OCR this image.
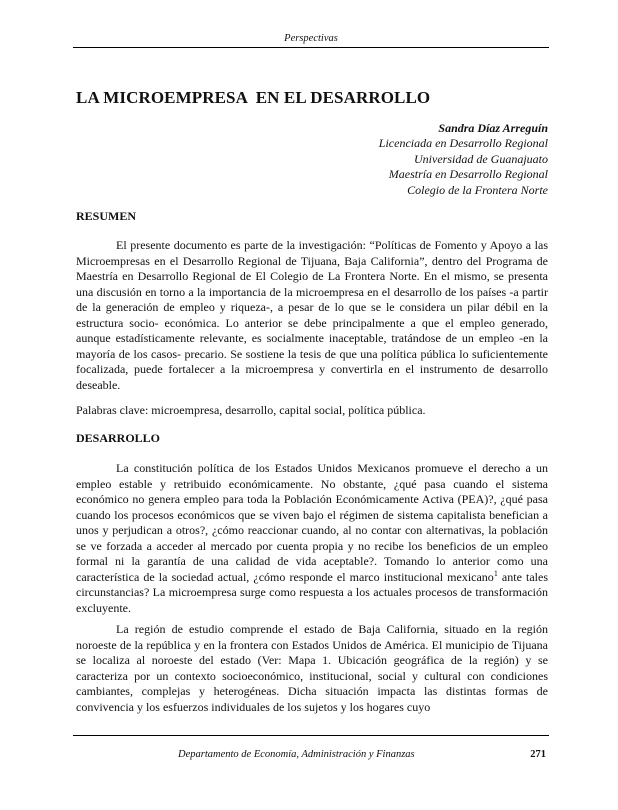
Perspectivas
LA MICROEMPRESA  EN EL DESARROLLO
Sandra Díaz Arreguín
Licenciada en Desarrollo Regional
Universidad de Guanajuato
Maestría en Desarrollo Regional
Colegio de la Frontera Norte
RESUMEN

El presente documento es parte de la investigación: “Políticas de Fomento y Apoyo a las Microempresas en el Desarrollo Regional de Tijuana, Baja California”, dentro del Programa de Maestría en Desarrollo Regional de El Colegio de La Frontera Norte. En el mismo, se presenta una discusión en torno a la importancia de la microempresa en el desarrollo de los países -a partir de la generación de empleo y riqueza-, a pesar de lo que se le considera un pilar débil en la estructura socio- económica. Lo anterior se debe principalmente a que el empleo generado, aunque estadísticamente relevante, es socialmente inaceptable, tratándose de un empleo -en la mayoría de los casos- precario. Se sostiene la tesis de que una política pública lo suficientemente focalizada, puede fortalecer a la microempresa y convertirla en el instrumento de desarrollo deseable.

Palabras clave: microempresa, desarrollo, capital social, política pública.

DESARROLLO

La constitución política de los Estados Unidos Mexicanos promueve el derecho a un empleo estable y retribuido económicamente. No obstante, ¿qué pasa cuando el sistema económico no genera empleo para toda la Población Económicamente Activa (PEA)?, ¿qué pasa cuando los procesos económicos que se viven bajo el régimen de sistema capitalista benefician a unos y perjudican a otros?, ¿cómo reaccionar cuando, al no contar con alternativas, la población se ve forzada a acceder al mercado por cuenta propia y no recibe los beneficios de un empleo formal ni la garantía de una calidad de vida aceptable?. Tomando lo anterior como una característica de la sociedad actual, ¿cómo responde el marco institucional mexicano$^1$ ante tales circunstancias? La microempresa surge como respuesta a los actuales procesos de transformación excluyente.

La región de estudio comprende el estado de Baja California, situado en la región noroeste de la república y en la frontera con Estados Unidos de América. El municipio de Tijuana se localiza al noroeste del estado (Ver: Mapa 1. Ubicación geográfica de la región) y se caracteriza por un contexto socioeconómico, institucional, social y cultural con condiciones cambiantes, complejas y heterogéneas. Dicha situación impacta las distintas formas de convivencia y los esfuerzos individuales de los sujetos y los hogares cuyo

Departamento de Economía, Administración y Finanzas	271
